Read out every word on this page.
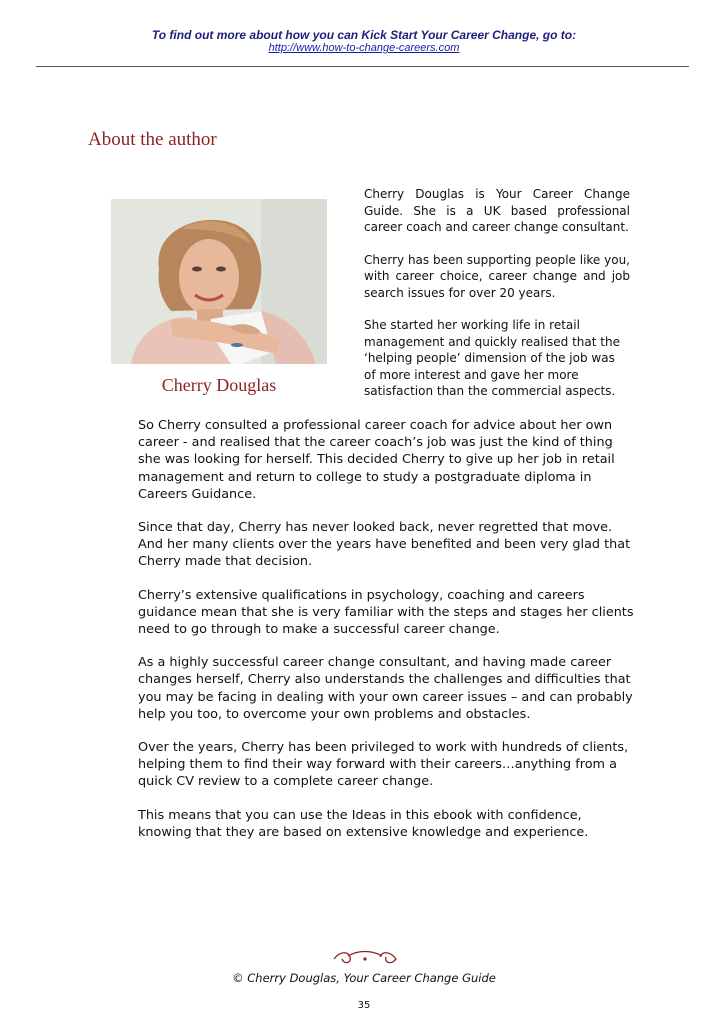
To find out more about how you can Kick Start Your Career Change, go to:
http://www.how-to-change-careers.com
About the author
Cherry Douglas

Cherry Douglas is Your Career Change Guide. She is a UK based professional career coach and career change consultant.

Cherry has been supporting people like you, with career choice, career change and job search issues for over 20 years.

She started her working life in retail management and quickly realised that the ‘helping people’ dimension of the job was of more interest and gave her more satisfaction than the commercial aspects.

So Cherry consulted a professional career coach for advice about her own career - and realised that the career coach’s job was just the kind of thing she was looking for herself. This decided Cherry to give up her job in retail management and return to college to study a postgraduate diploma in Careers Guidance.

Since that day, Cherry has never looked back, never regretted that move. And her many clients over the years have benefited and been very glad that Cherry made that decision.

Cherry’s extensive qualifications in psychology, coaching and careers guidance mean that she is very familiar with the steps and stages her clients need to go through to make a successful career change.

As a highly successful career change consultant, and having made career changes herself, Cherry also understands the challenges and difficulties that you may be facing in dealing with your own career issues – and can probably help you too, to overcome your own problems and obstacles.

Over the years, Cherry has been privileged to work with hundreds of clients, helping them to find their way forward with their careers…anything from a quick CV review to a complete career change.

This means that you can use the Ideas in this ebook with confidence, knowing that they are based on extensive knowledge and experience.

© Cherry Douglas, Your Career Change Guide
35
